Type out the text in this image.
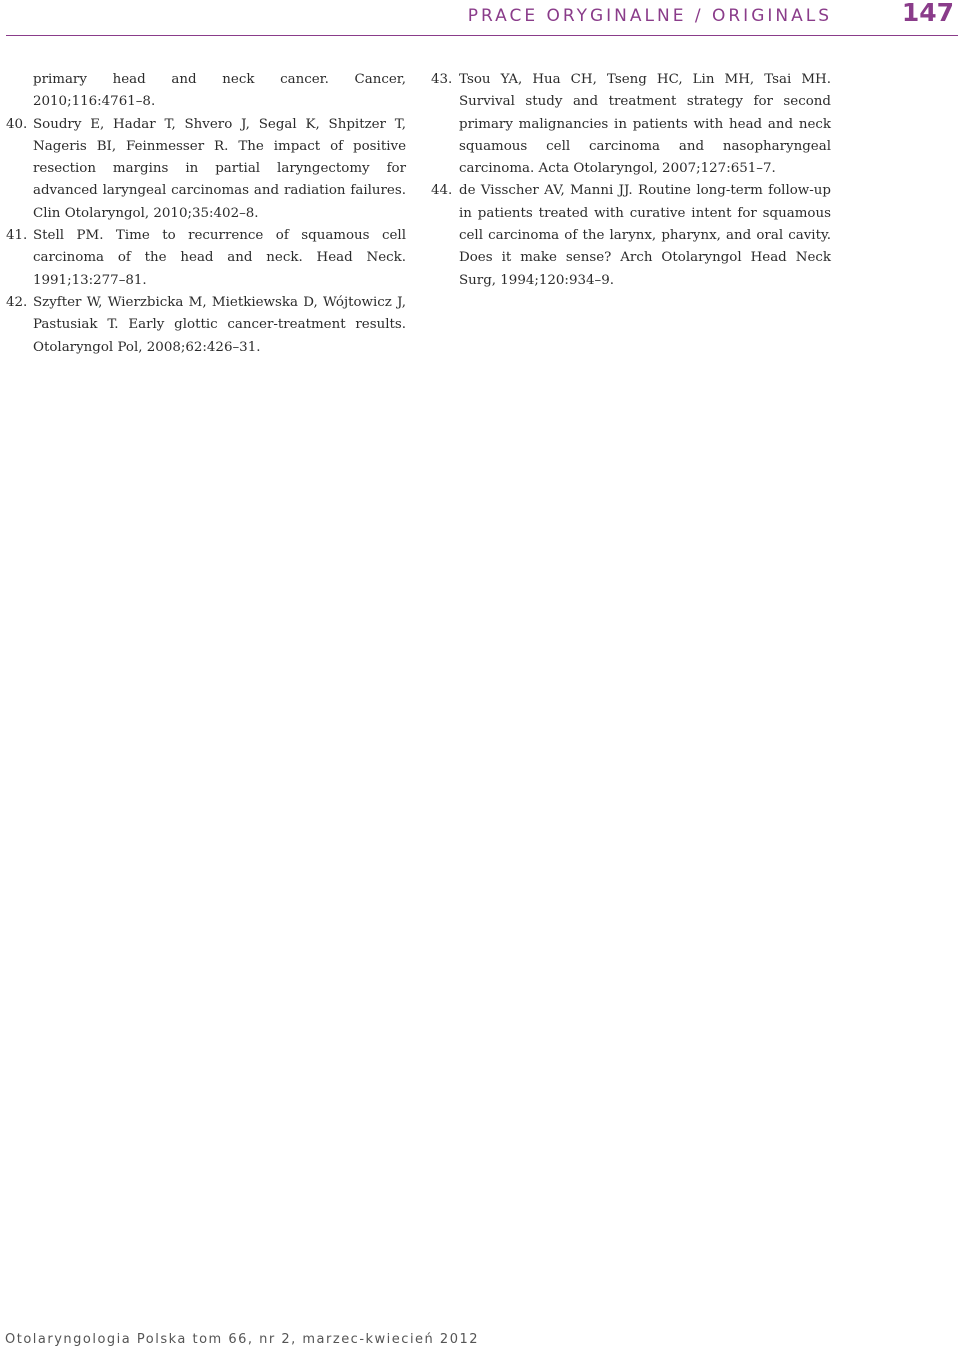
PRACE ORYGINALNE / ORIGINALS	147
primary head and neck cancer. Cancer, 2010;116:4761–8.
40. Soudry E, Hadar T, Shvero J, Segal K, Shpitzer T, Nageris BI, Feinmesser R. The impact of positive resection margins in partial laryngectomy for advanced laryngeal carcinomas and radiation failures. Clin Otolaryngol, 2010;35:402–8.
41. Stell PM. Time to recurrence of squamous cell carcinoma of the head and neck. Head Neck. 1991;13:277–81.
42. Szyfter W, Wierzbicka M, Mietkiewska D, Wójtowicz J, Pastusiak T. Early glottic cancer-treatment results. Otolaryngol Pol, 2008;62:426–31.
43. Tsou YA, Hua CH, Tseng HC, Lin MH, Tsai MH. Survival study and treatment strategy for second primary malignancies in patients with head and neck squamous cell carcinoma and nasopharyngeal carcinoma. Acta Otolaryngol, 2007;127:651–7.
44. de Visscher AV, Manni JJ. Routine long-term follow-up in patients treated with curative intent for squamous cell carcinoma of the larynx, pharynx, and oral cavity. Does it make sense? Arch Otolaryngol Head Neck Surg, 1994;120:934–9.
Otolaryngologia Polska tom 66, nr 2, marzec-kwiecień 2012
